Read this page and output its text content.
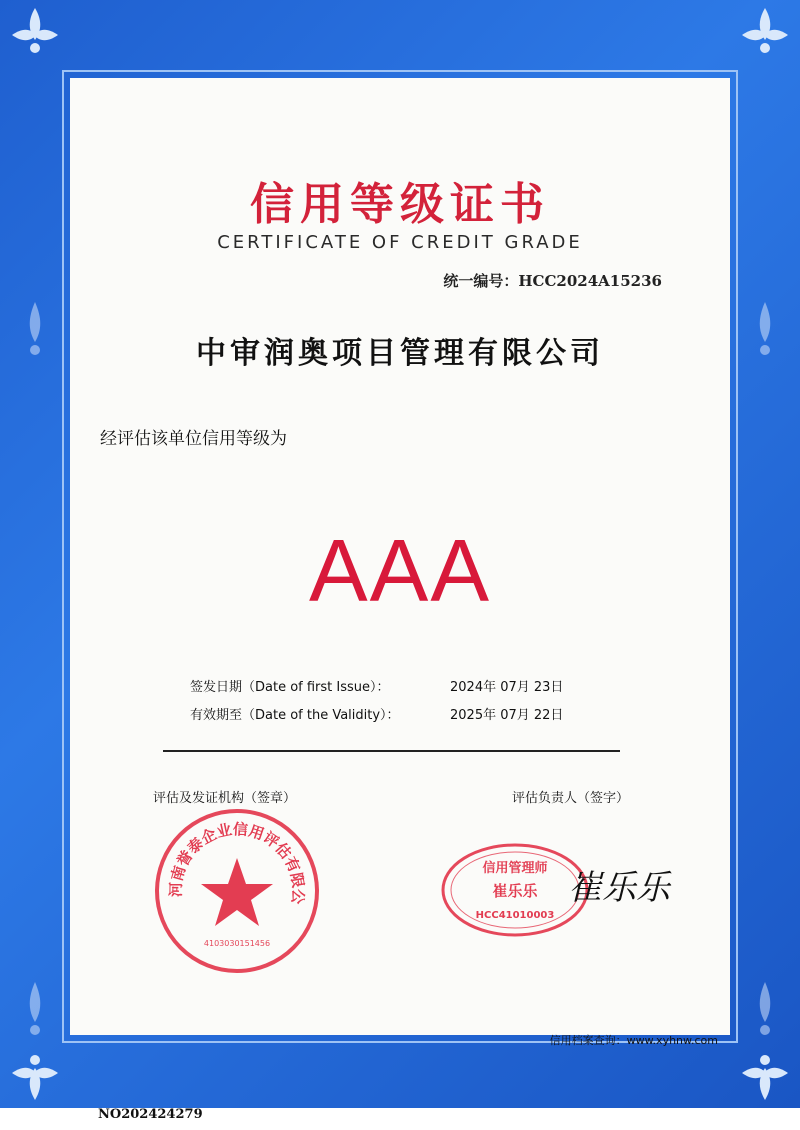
信用等级证书
CERTIFICATE OF CREDIT GRADE
统一编号：HCC2024A15236
中审润奥项目管理有限公司
经评估该单位信用等级为
AAA
签发日期（Date of first Issue）：	2024年 07月 23日
有效期至（Date of the Validity）：	2025年 07月 22日
评估及发证机构（签章）	评估负责人（签字）
河南誉泰企业信用评估有限公
4103030151456
信用管理师
崔乐乐
HCC41010003
崔乐乐
信用档案查询：www.xyhnw.com
NO202424279
